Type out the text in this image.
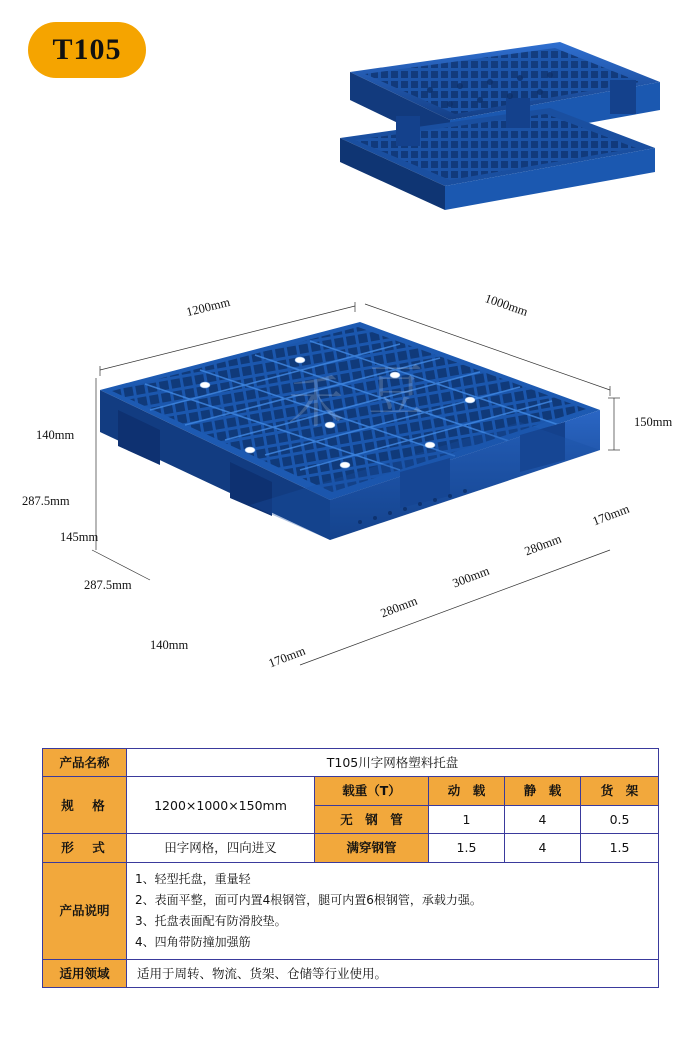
T105
禾 豆
1200mm	1000mm
150mm
140mm
287.5mm
145mm
287.5mm
140mm	170mm
280mm
300mm
280mm
170mm
产品名称	T105川字网格塑料托盘				
规　格	1200×1000×150mm	载重（T）	动　载	静　载	货　架
		无　钢　管	1	4	0.5
形　式	田字网格，四向进叉	满穿钢管	1.5	4	1.5
产品说明	1、轻型托盘，重量轻
2、表面平整，面可内置4根钢管，腿可内置6根钢管，承载力强。
3、托盘表面配有防滑胶垫。
4、四角带防撞加强筋				

适用领域	适用于周转、物流、货架、仓储等行业使用。				
